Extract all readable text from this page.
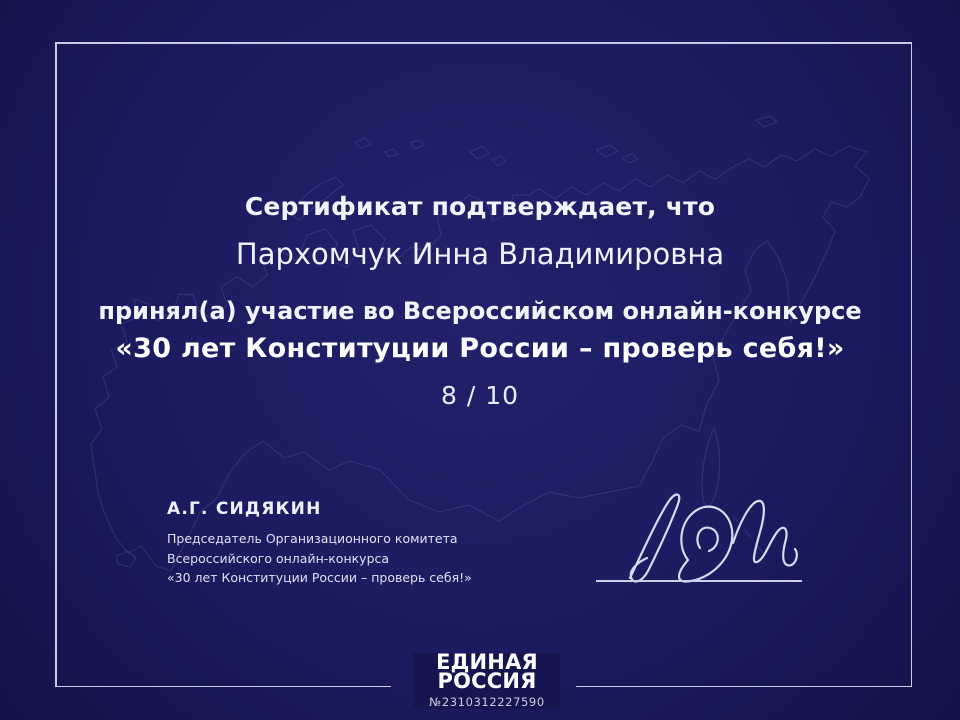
Сертификат подтверждает, что
Пархомчук Инна Владимировна
принял(а) участие во Всероссийском онлайн-конкурсе
«30 лет Конституции России – проверь себя!»
8 / 10
А.Г. СИДЯКИН
Председатель Организационного комитета
Всероссийского онлайн-конкурса
«30 лет Конституции России – проверь себя!»
ЕДИНАЯ
РОССИЯ
№2310312227590
